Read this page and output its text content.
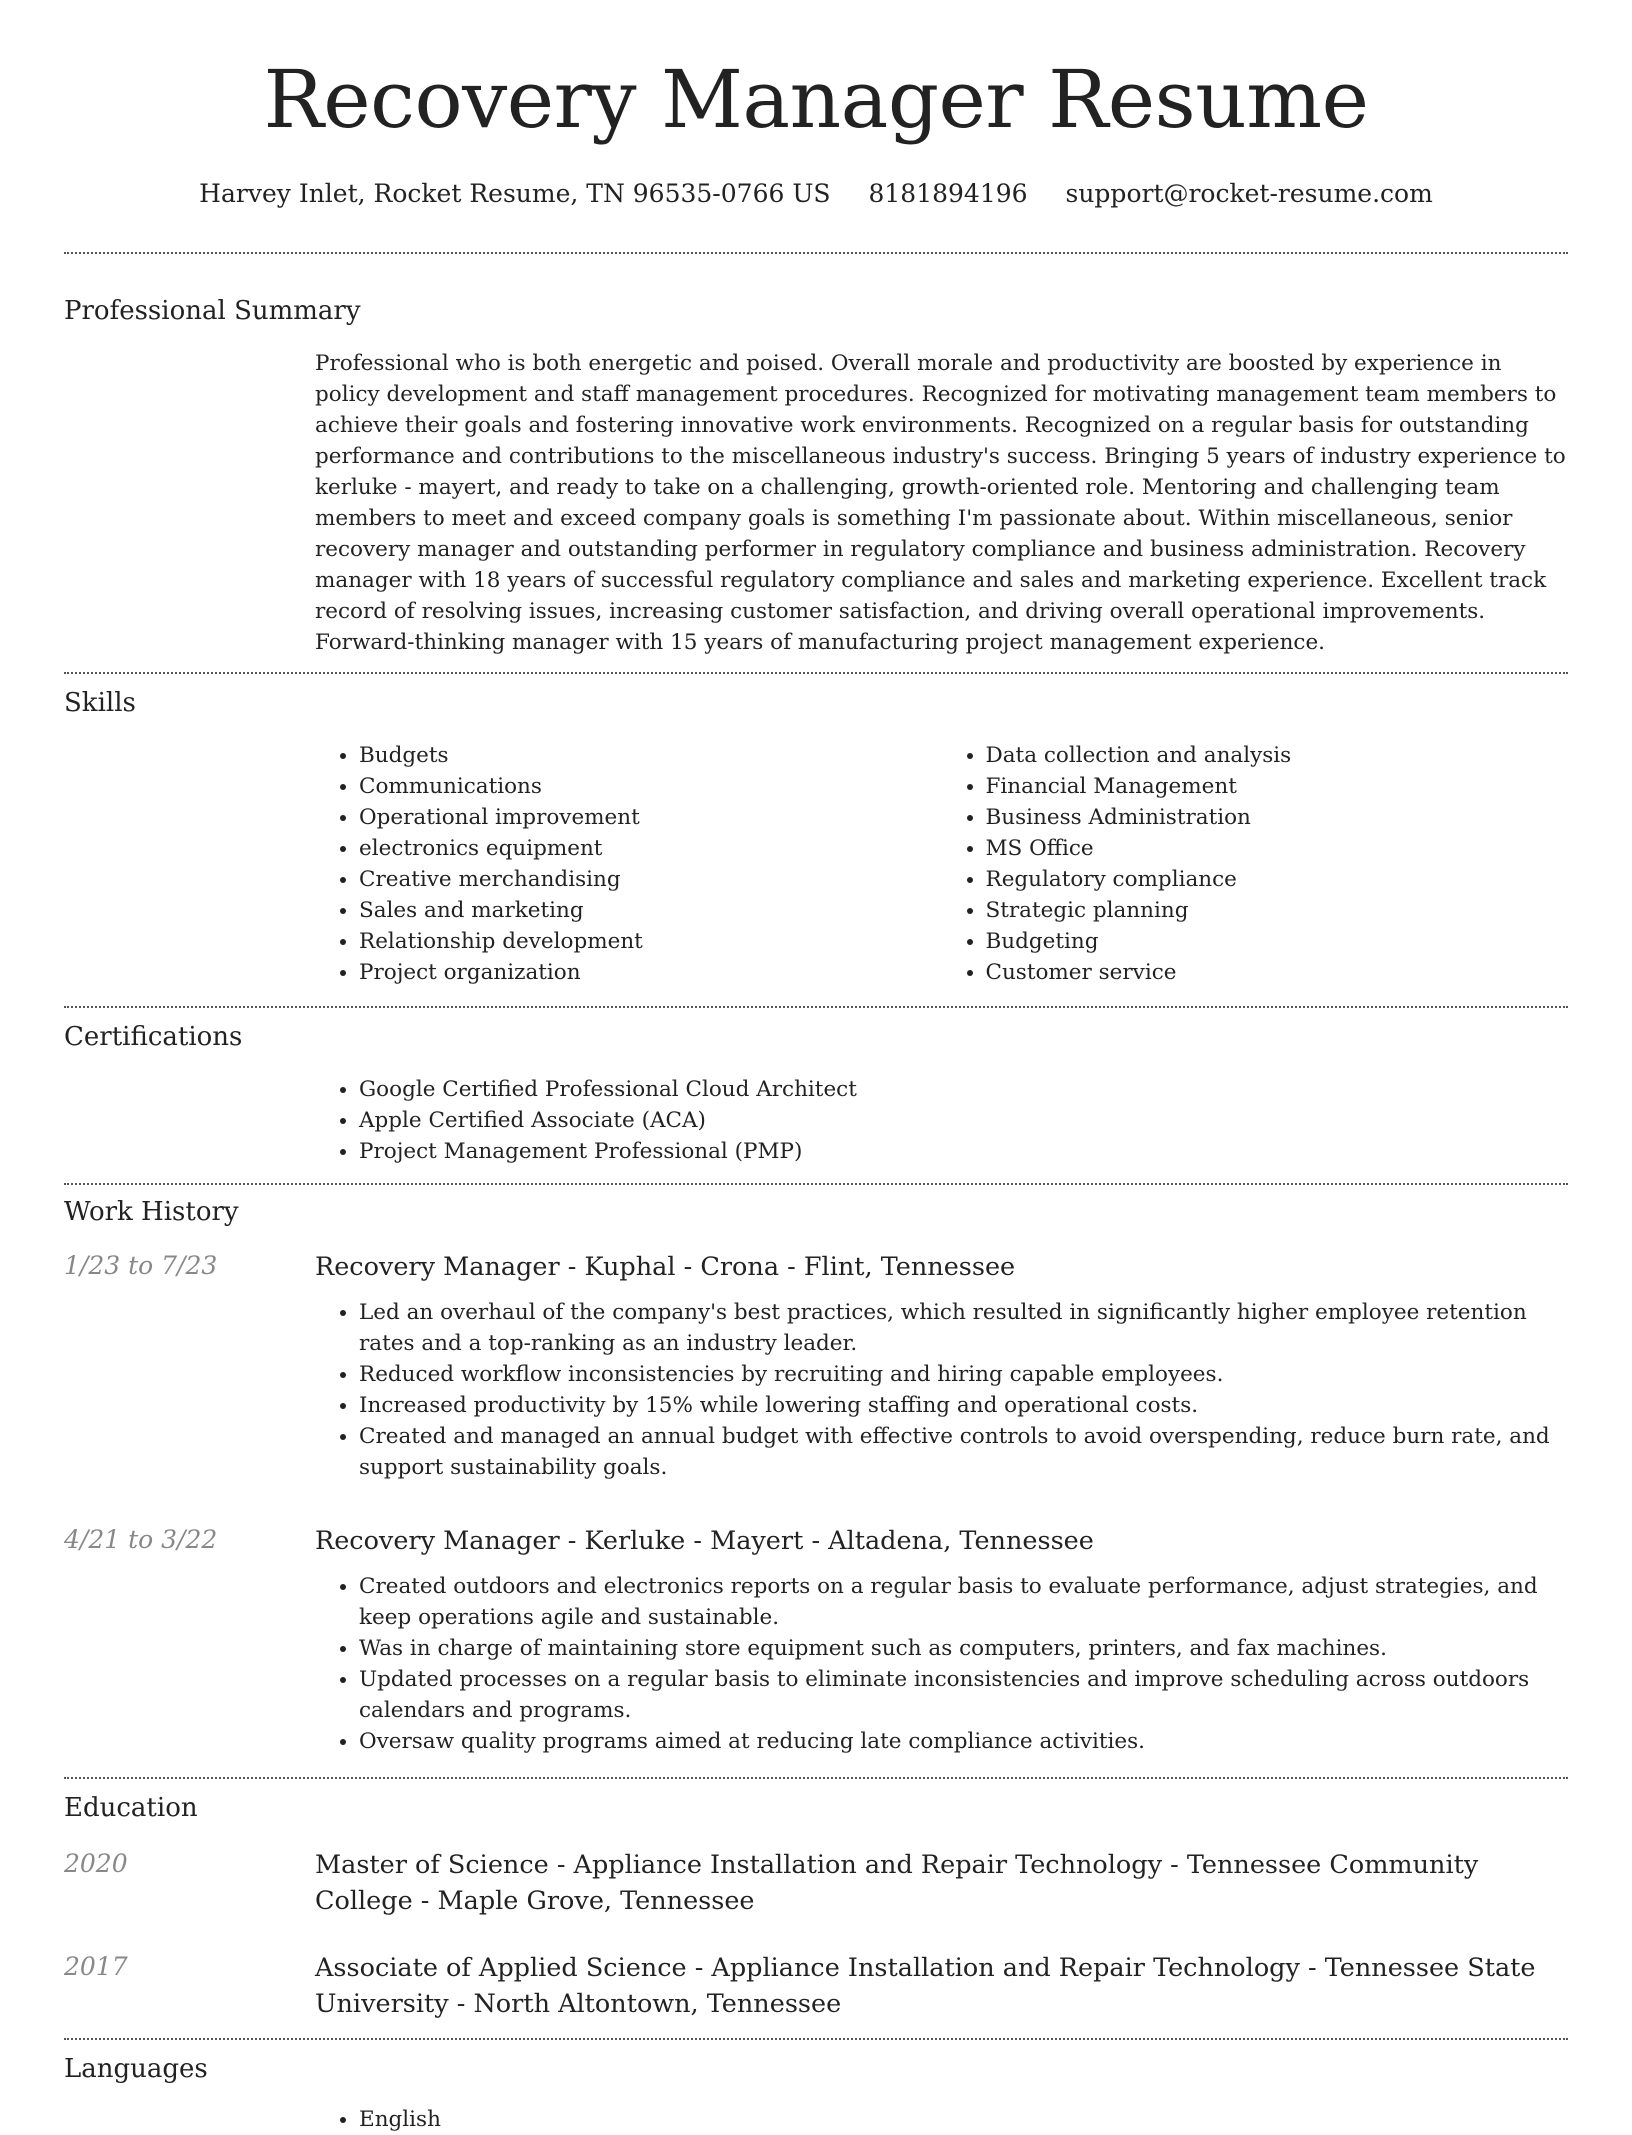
Recovery Manager Resume
Harvey Inlet, Rocket Resume, TN 96535-0766 US 8181894196 support@rocket-resume.com
Professional Summary

Professional who is both energetic and poised. Overall morale and productivity are boosted by experience in policy development and staff management procedures. Recognized for motivating management team members to achieve their goals and fostering innovative work environments. Recognized on a regular basis for outstanding performance and contributions to the miscellaneous industry's success. Bringing 5 years of industry experience to kerluke - mayert, and ready to take on a challenging, growth-oriented role. Mentoring and challenging team members to meet and exceed company goals is something I'm passionate about. Within miscellaneous, senior recovery manager and outstanding performer in regulatory compliance and business administration. Recovery manager with 18 years of successful regulatory compliance and sales and marketing experience. Excellent track record of resolving issues, increasing customer satisfaction, and driving overall operational improvements. Forward-thinking manager with 15 years of manufacturing project management experience.

Skills
• Budgets
• Communications
• Operational improvement
• electronics equipment
• Creative merchandising
• Sales and marketing
• Relationship development
• Project organization
• Data collection and analysis
• Financial Management
• Business Administration
• MS Office
• Regulatory compliance
• Strategic planning
• Budgeting
• Customer service
Certifications
• Google Certified Professional Cloud Architect
• Apple Certified Associate (ACA)
• Project Management Professional (PMP)
Work History
1/23 to 7/23	Recovery Manager - Kuphal - Crona - Flint, Tennessee

• Led an overhaul of the company's best practices, which resulted in significantly higher employee retention rates and a top-ranking as an industry leader.
• Reduced workflow inconsistencies by recruiting and hiring capable employees.
• Increased productivity by 15% while lowering staffing and operational costs.
• Created and managed an annual budget with effective controls to avoid overspending, reduce burn rate, and support sustainability goals.
4/21 to 3/22	Recovery Manager - Kerluke - Mayert - Altadena, Tennessee

• Created outdoors and electronics reports on a regular basis to evaluate performance, adjust strategies, and keep operations agile and sustainable.
• Was in charge of maintaining store equipment such as computers, printers, and fax machines.
• Updated processes on a regular basis to eliminate inconsistencies and improve scheduling across outdoors calendars and programs.
• Oversaw quality programs aimed at reducing late compliance activities.
Education
2020	Master of Science - Appliance Installation and Repair Technology - Tennessee Community College - Maple Grove, Tennessee

2017	Associate of Applied Science - Appliance Installation and Repair Technology - Tennessee State University - North Altontown, Tennessee

Languages
• English
